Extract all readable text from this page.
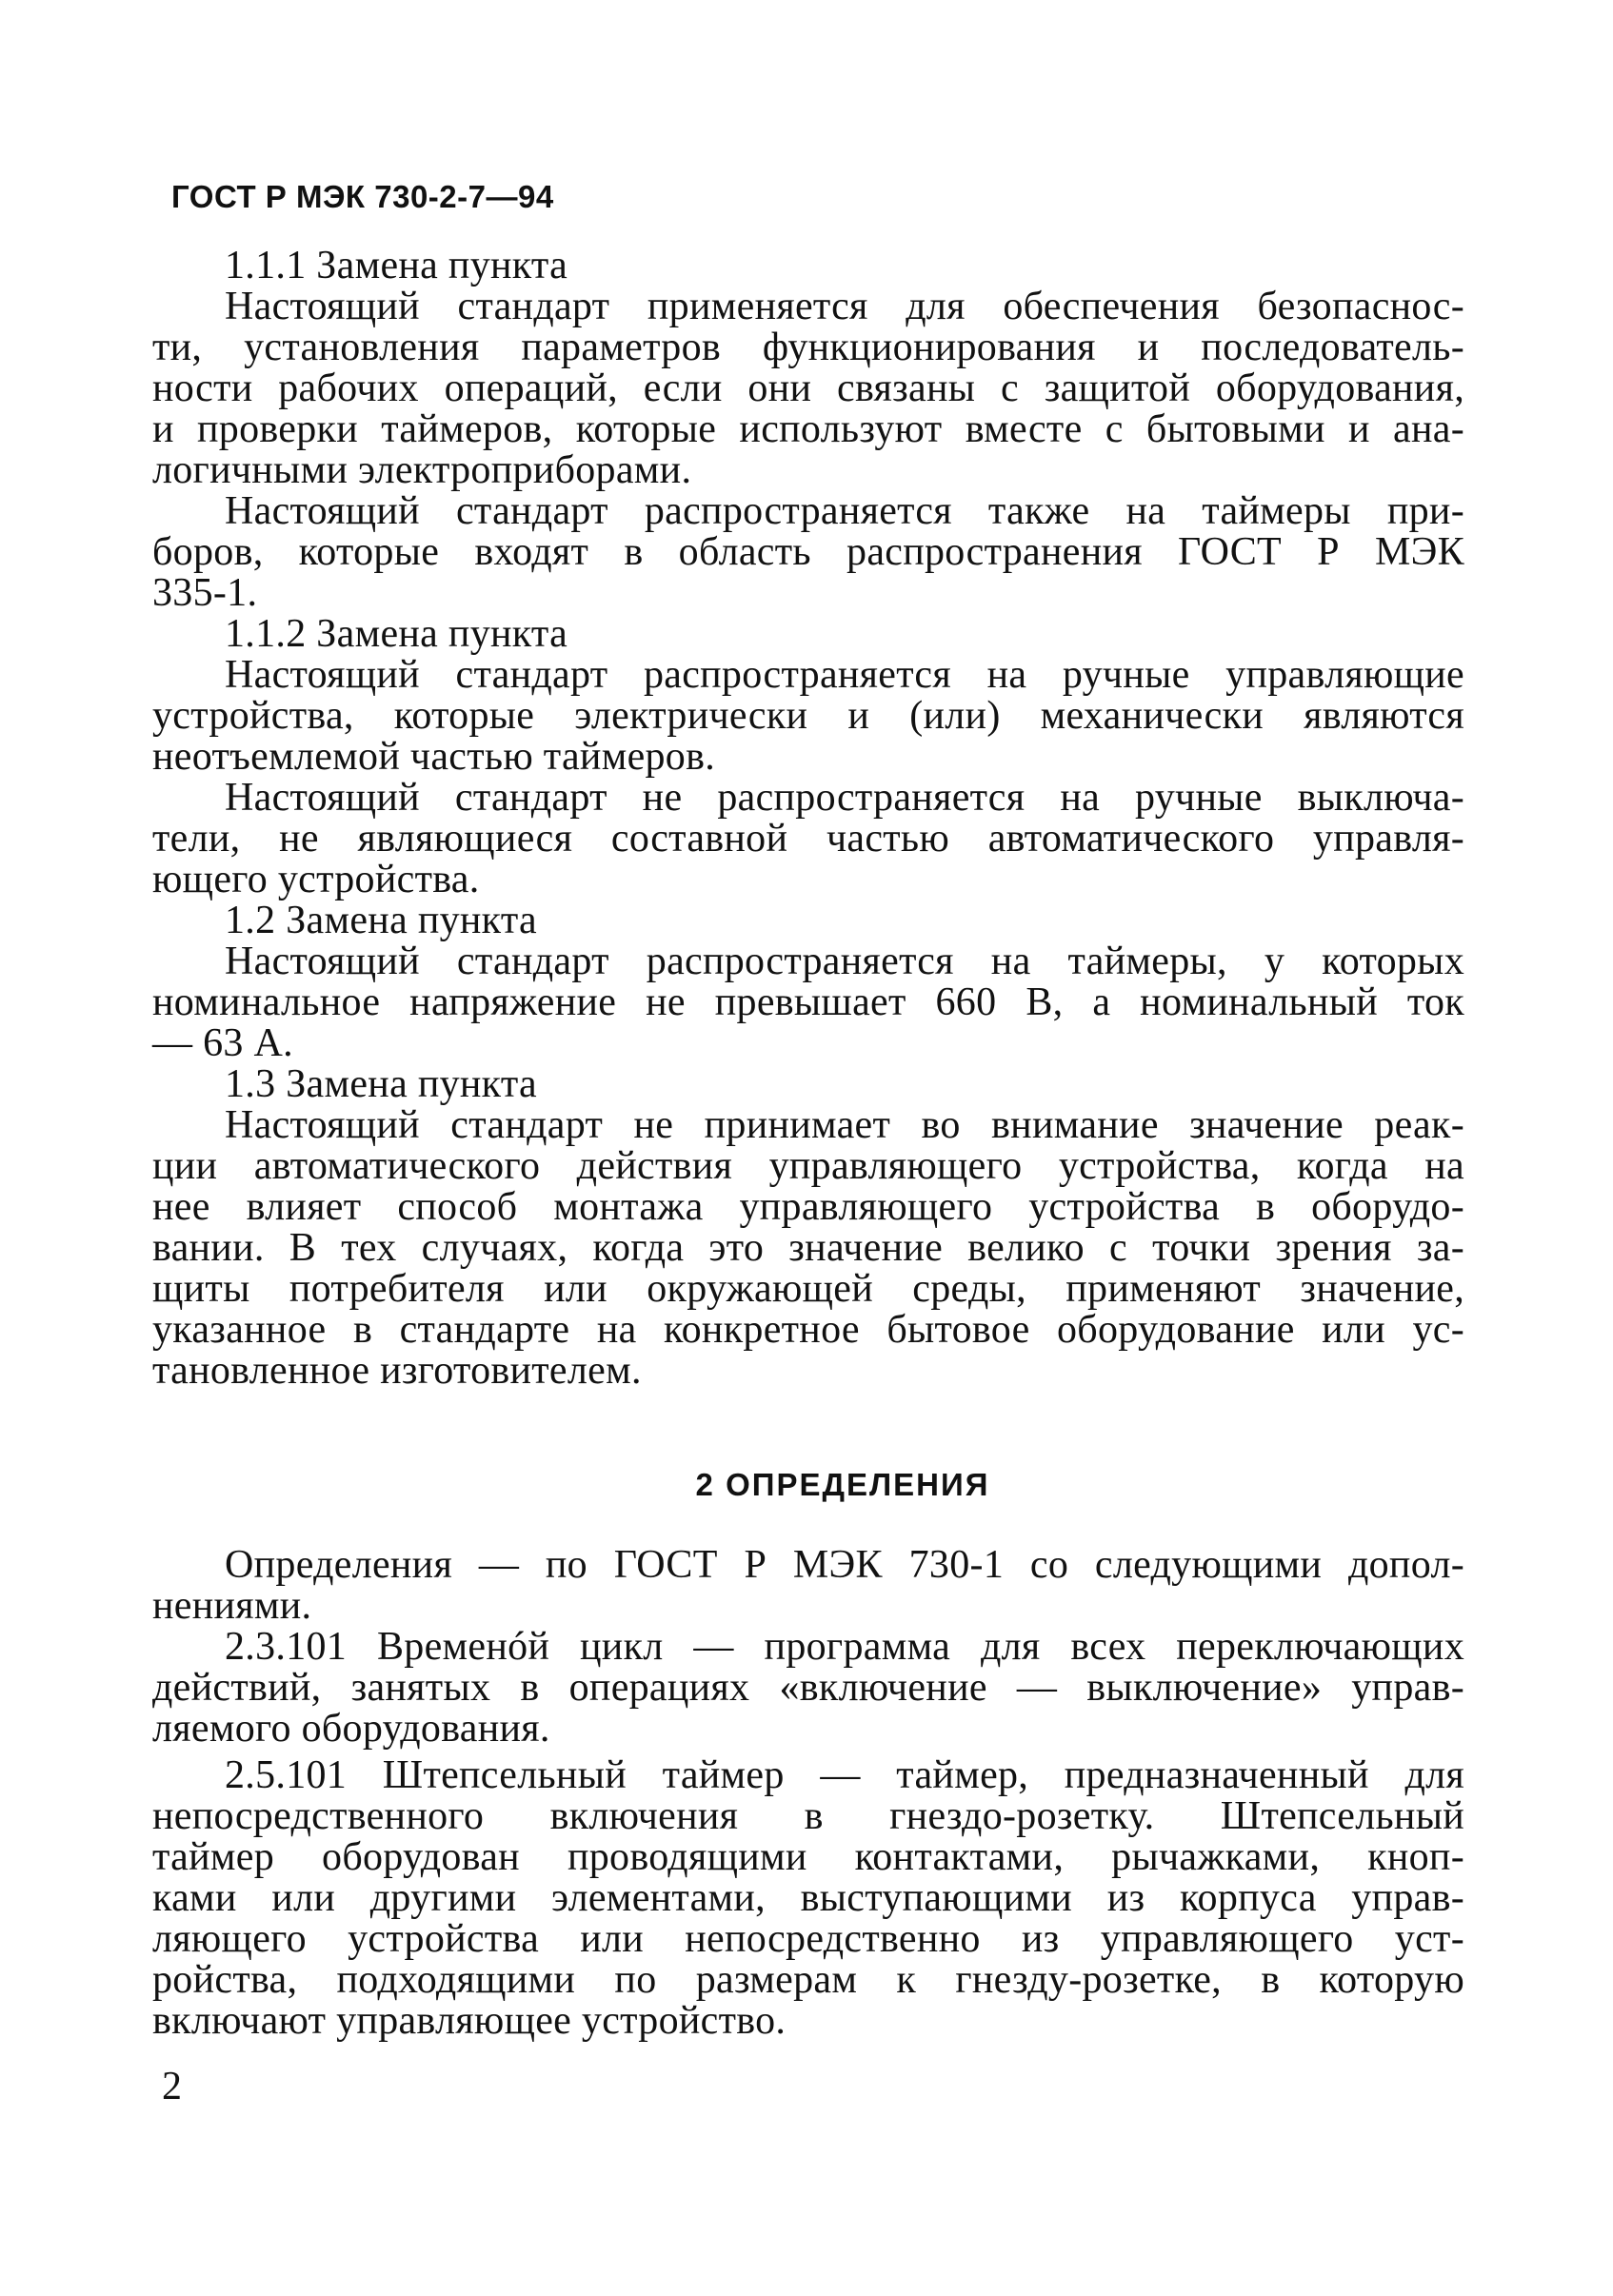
ГОСТ Р МЭК 730-2-7—94

1.1.1 Замена пункта

Настоящий стандарт применяется для обеспечения безопаснос-

ти, установления параметров функционирования и последователь-

ности рабочих операций, если они связаны с защитой оборудования,

и проверки таймеров, которые используют вместе с бытовыми и ана-

логичными электроприборами.

Настоящий стандарт распространяется также на таймеры при-

боров, которые входят в область распространения ГОСТ Р МЭК

335-1.

1.1.2 Замена пункта

Настоящий стандарт распространяется на ручные управляющие

устройства, которые электрически и (или) механически являются

неотъемлемой частью таймеров.

Настоящий стандарт не распространяется на ручные выключа-

тели, не являющиеся составной частью автоматического управля-

ющего устройства.

1.2 Замена пункта

Настоящий стандарт распространяется на таймеры, у которых

номинальное напряжение не превышает 660 В, а номинальный ток

— 63 А.

1.3 Замена пункта

Настоящий стандарт не принимает во внимание значение реак-

ции автоматического действия управляющего устройства, когда на

нее влияет способ монтажа управляющего устройства в оборудо-

вании. В тех случаях, когда это значение велико с точки зрения за-

щиты потребителя или окружающей среды, применяют значение,

указанное в стандарте на конкретное бытовое оборудование или ус-

тановленное изготовителем.

2 ОПРЕДЕЛЕНИЯ

Определения — по ГОСТ Р МЭК 730-1 со следующими допол-

нениями.

2.3.101 Временóй цикл — программа для всех переключающих

действий, занятых в операциях «включение — выключение» управ-

ляемого оборудования.

2.5.101 Штепсельный таймер — таймер, предназначенный для

непосредственного включения в гнездо-розетку. Штепсельный

таймер оборудован проводящими контактами, рычажками, кноп-

ками или другими элементами, выступающими из корпуса управ-

ляющего устройства или непосредственно из управляющего уст-

ройства, подходящими по размерам к гнезду-розетке, в которую

включают управляющее устройство.

2
